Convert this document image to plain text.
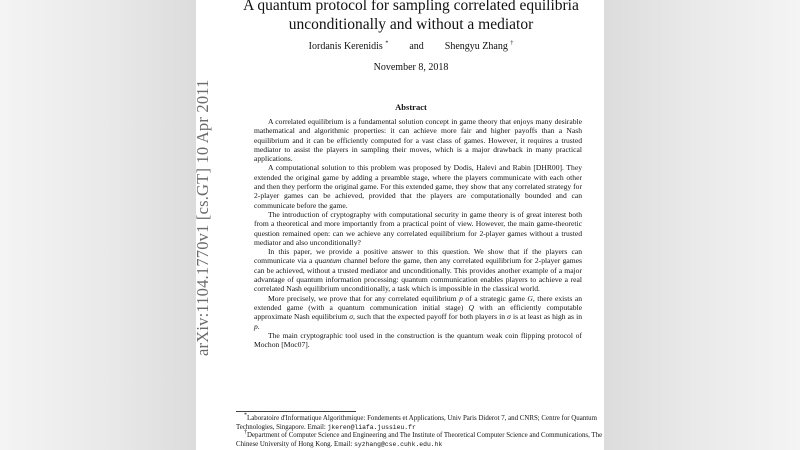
arXiv:1104.1770v1 [cs.GT] 10 Apr 2011
A quantum protocol for sampling correlated equilibria
unconditionally and without a mediator
Iordanis Kerenidis * and Shengyu Zhang †
November 8, 2018
Abstract

A correlated equilibrium is a fundamental solution concept in game theory that enjoys many desirable mathematical and algorithmic properties: it can achieve more fair and higher payoffs than a Nash equilibrium and it can be efficiently computed for a vast class of games. However, it requires a trusted mediator to assist the players in sampling their moves, which is a major drawback in many practical applications.

A computational solution to this problem was proposed by Dodis, Halevi and Rabin [DHR00]. They extended the original game by adding a preamble stage, where the players communicate with each other and then they perform the original game. For this extended game, they show that any correlated strategy for 2-player games can be achieved, provided that the players are computationally bounded and can communicate before the game.

The introduction of cryptography with computational security in game theory is of great interest both from a theoretical and more importantly from a practical point of view. However, the main game-theoretic question remained open: can we achieve any correlated equilibrium for 2-player games without a trusted mediator and also unconditionally?

In this paper, we provide a positive answer to this question. We show that if the players can communicate via a quantum channel before the game, then any correlated equilibrium for 2-player games can be achieved, without a trusted mediator and unconditionally. This provides another example of a major advantage of quantum information processing: quantum communication enables players to achieve a real correlated Nash equilibrium unconditionally, a task which is impossible in the classical world.

More precisely, we prove that for any correlated equilibrium p of a strategic game G, there exists an extended game (with a quantum communication initial stage) Q with an efficiently computable approximate Nash equilibrium σ, such that the expected payoff for both players in σ is at least as high as in p.

The main cryptographic tool used in the construction is the quantum weak coin flipping protocol of Mochon [Moc07].

*Laboratoire d'Informatique Algorithmique: Fondements et Applications, Univ Paris Diderot 7, and CNRS; Centre for Quantum Technologies, Singapore. Email: jkeren@liafa.jussieu.fr

†Department of Computer Science and Engineering and The Institute of Theoretical Computer Science and Communications, The Chinese University of Hong Kong. Email: syzhang@cse.cuhk.edu.hk
